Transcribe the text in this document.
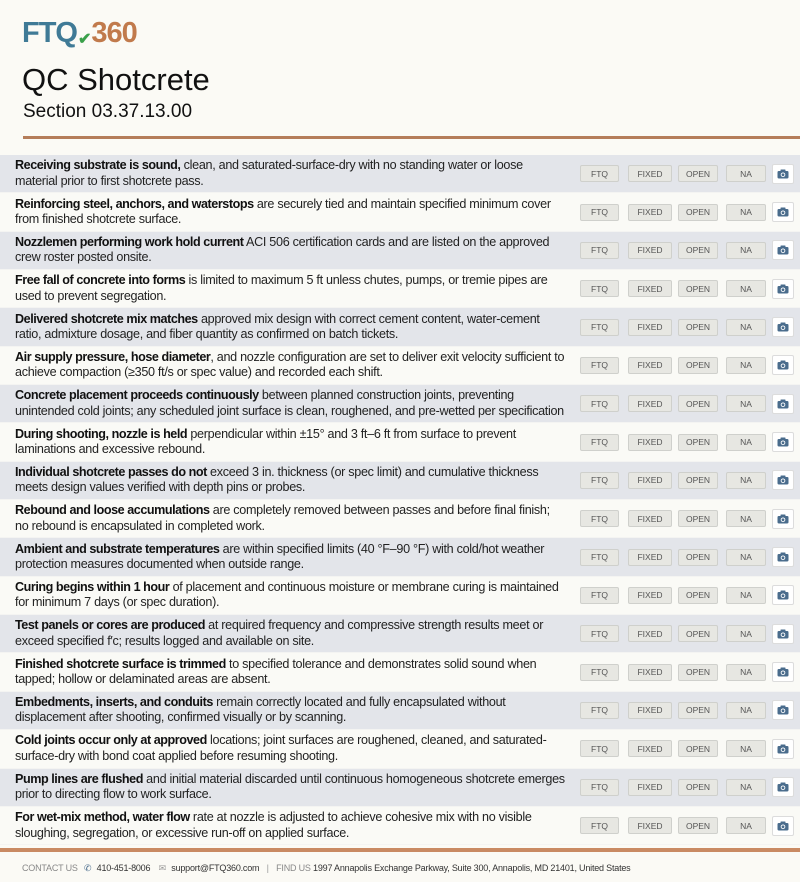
FTQ✔360
QC Shotcrete
Section 03.37.13.00
Receiving substrate is sound, clean, and saturated-surface-dry with no standing water or loose material prior to first shotcrete pass.	FTQ	FIXED	OPEN	NA
Reinforcing steel, anchors, and waterstops are securely tied and maintain specified minimum cover from finished shotcrete surface.	FTQ	FIXED	OPEN	NA
Nozzlemen performing work hold current ACI 506 certification cards and are listed on the approved crew roster posted onsite.	FTQ	FIXED	OPEN	NA
Free fall of concrete into forms is limited to maximum 5 ft unless chutes, pumps, or tremie pipes are used to prevent segregation.	FTQ	FIXED	OPEN	NA
Delivered shotcrete mix matches approved mix design with correct cement content, water-cement ratio, admixture dosage, and fiber quantity as confirmed on batch tickets.	FTQ	FIXED	OPEN	NA
Air supply pressure, hose diameter, and nozzle configuration are set to deliver exit velocity sufficient to achieve compaction (≥350 ft/s or spec value) and recorded each shift.	FTQ	FIXED	OPEN	NA
Concrete placement proceeds continuously between planned construction joints, preventing unintended cold joints; any scheduled joint surface is clean, roughened, and pre-wetted per specification	FTQ	FIXED	OPEN	NA
During shooting, nozzle is held perpendicular within ±15° and 3 ft–6 ft from surface to prevent laminations and excessive rebound.	FTQ	FIXED	OPEN	NA
Individual shotcrete passes do not exceed 3 in. thickness (or spec limit) and cumulative thickness meets design values verified with depth pins or probes.	FTQ	FIXED	OPEN	NA
Rebound and loose accumulations are completely removed between passes and before final finish; no rebound is encapsulated in completed work.	FTQ	FIXED	OPEN	NA
Ambient and substrate temperatures are within specified limits (40 °F–90 °F) with cold/hot weather protection measures documented when outside range.	FTQ	FIXED	OPEN	NA
Curing begins within 1 hour of placement and continuous moisture or membrane curing is maintained for minimum 7 days (or spec duration).	FTQ	FIXED	OPEN	NA
Test panels or cores are produced at required frequency and compressive strength results meet or exceed specified f′c; results logged and available on site.	FTQ	FIXED	OPEN	NA
Finished shotcrete surface is trimmed to specified tolerance and demonstrates solid sound when tapped; hollow or delaminated areas are absent.	FTQ	FIXED	OPEN	NA
Embedments, inserts, and conduits remain correctly located and fully encapsulated without displacement after shooting, confirmed visually or by scanning.	FTQ	FIXED	OPEN	NA
Cold joints occur only at approved locations; joint surfaces are roughened, cleaned, and saturated-surface-dry with bond coat applied before resuming shooting.	FTQ	FIXED	OPEN	NA
Pump lines are flushed and initial material discarded until continuous homogeneous shotcrete emerges prior to directing flow to work surface.	FTQ	FIXED	OPEN	NA
For wet-mix method, water flow rate at nozzle is adjusted to achieve cohesive mix with no visible sloughing, segregation, or excessive run-off on applied surface.	FTQ	FIXED	OPEN	NA
CONTACT US ✆ 410-451-8006 ✉ support@FTQ360.com | FIND US 1997 Annapolis Exchange Parkway, Suite 300, Annapolis, MD 21401, United States
